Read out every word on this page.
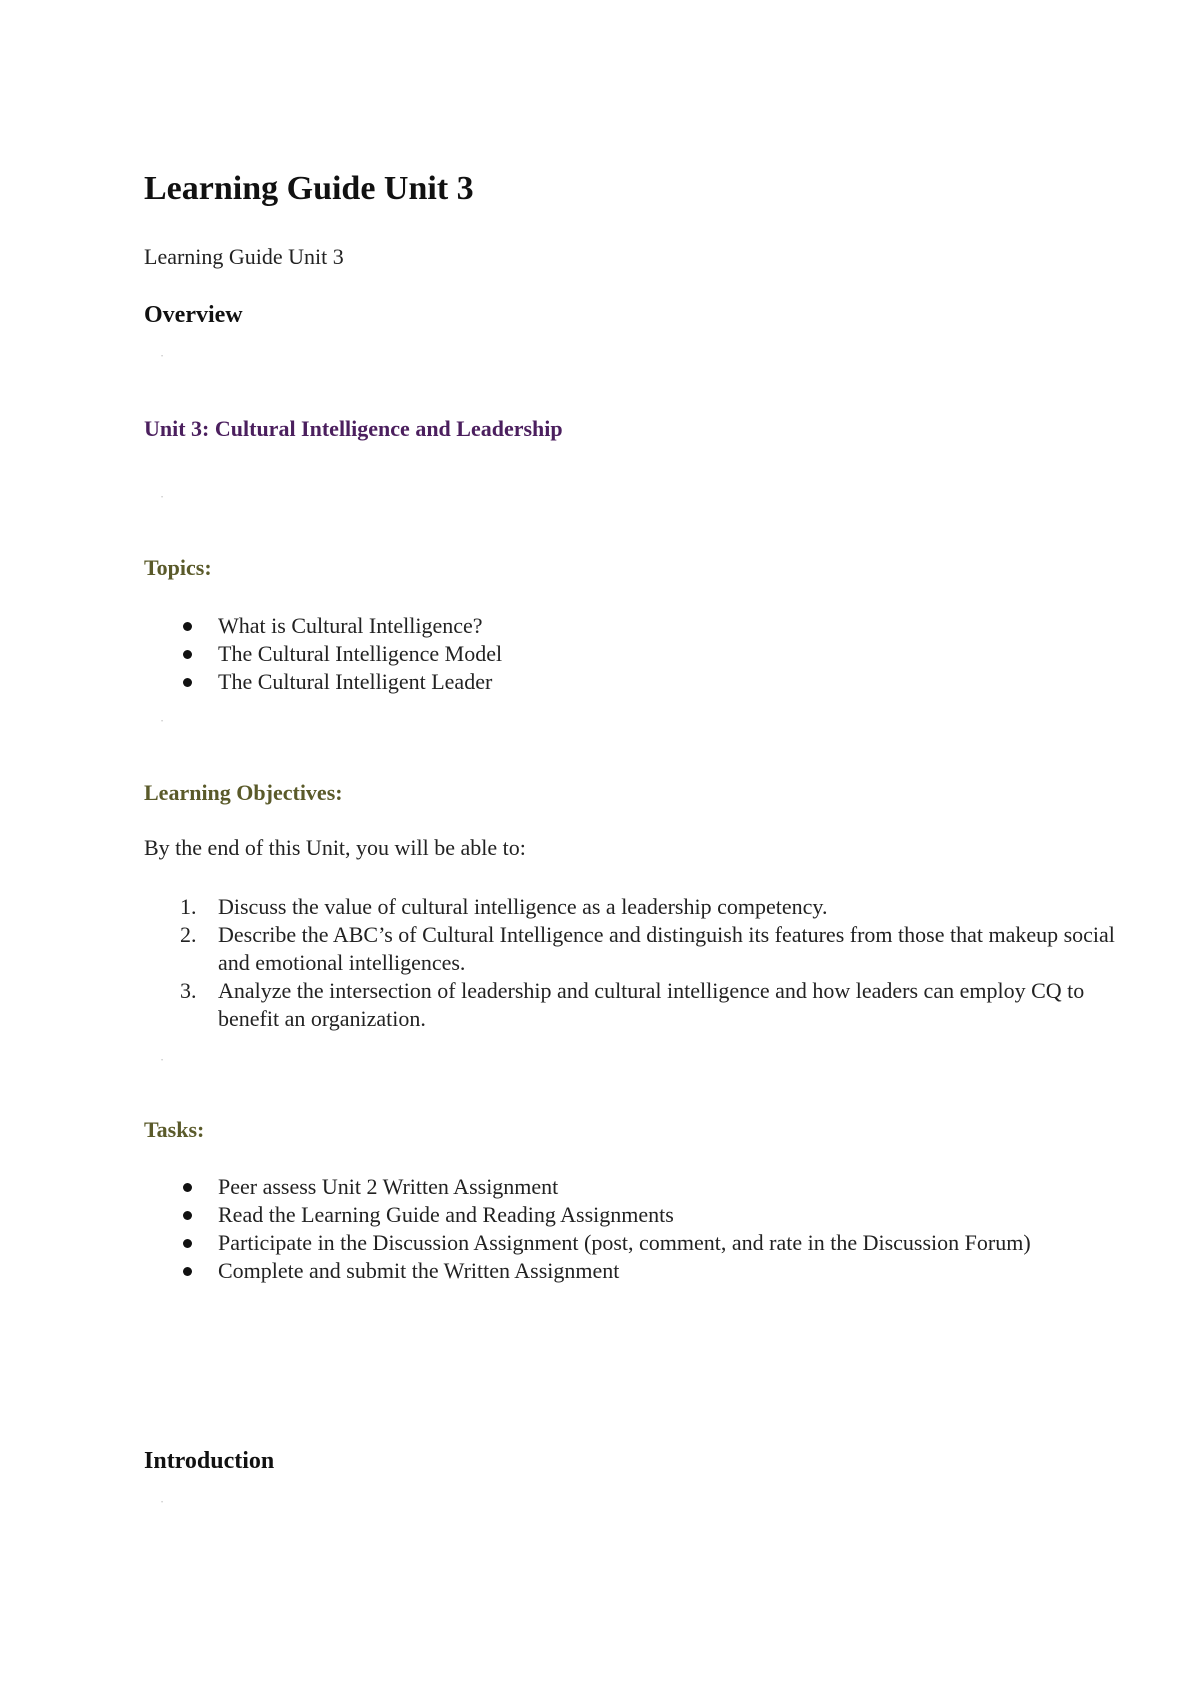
Learning Guide Unit 3

Learning Guide Unit 3

Overview
•
Unit 3: Cultural Intelligence and Leadership
•
Topics:
What is Cultural Intelligence?
The Cultural Intelligence Model
The Cultural Intelligent Leader
•
Learning Objectives:

By the end of this Unit, you will be able to:

1. Discuss the value of cultural intelligence as a leadership competency.
2. Describe the ABC’s of Cultural Intelligence and distinguish its features from those that makeup social and emotional intelligences.
3. Analyze the intersection of leadership and cultural intelligence and how leaders can employ CQ to benefit an organization.
•
Tasks:
Peer assess Unit 2 Written Assignment
Read the Learning Guide and Reading Assignments
Participate in the Discussion Assignment (post, comment, and rate in the Discussion Forum)
Complete and submit the Written Assignment
Introduction
•
